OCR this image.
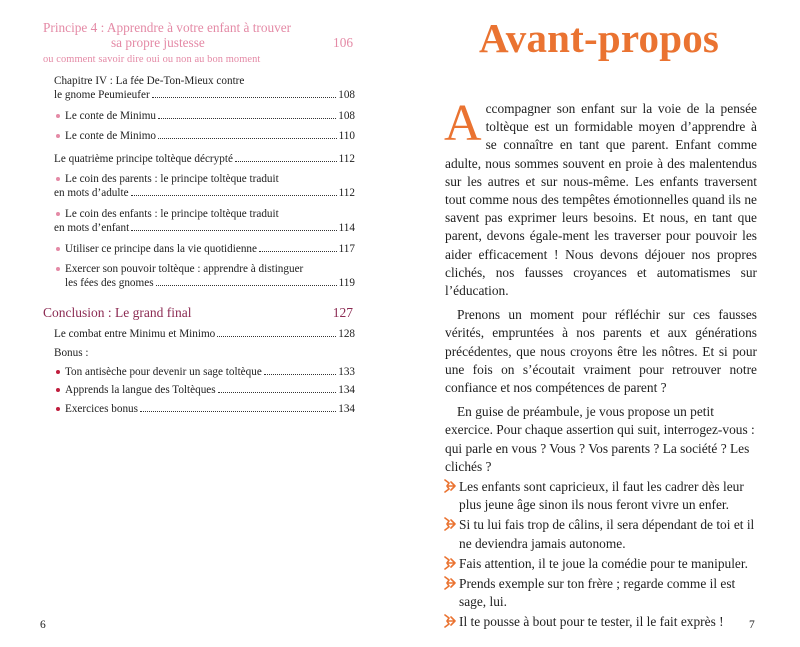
Principe 4 : Apprendre à votre enfant à trouver
sa propre justesse	106
ou comment savoir dire oui ou non au bon moment
Chapitre IV : La fée De-Ton-Mieux contre
le gnome Peumieufer	108
Le conte de Minimu	108
Le conte de Minimo	110
Le quatrième principe toltèque décrypté	112
Le coin des parents : le principe toltèque traduit
en mots d’adulte	112
Le coin des enfants : le principe toltèque traduit
en mots d’enfant	114
Utiliser ce principe dans la vie quotidienne	117
Exercer son pouvoir toltèque : apprendre à distinguer
les fées des gnomes	119
Conclusion : Le grand final	127
Le combat entre Minimu et Minimo	128
Bonus :
Ton antisèche pour devenir un sage toltèque	133
Apprends la langue des Toltèques	134
Exercices bonus	134
6
Avant-propos

Accompagner son enfant sur la voie de la pensée toltèque est un formidable moyen d’apprendre à se connaître en tant que parent. Enfant comme adulte, nous sommes souvent en proie à des malentendus sur les autres et sur nous-même. Les enfants traversent tout comme nous des tempêtes émotionnelles quand ils ne savent pas exprimer leurs besoins. Et nous, en tant que parent, devons égale-ment les traverser pour pouvoir les aider efficacement ! Nous devons déjouer nos propres clichés, nos fausses croyances et automatismes sur l’éducation.

Prenons un moment pour réfléchir sur ces fausses vérités, empruntées à nos parents et aux générations précédentes, que nous croyons être les nôtres. Et si pour une fois on s’écoutait vraiment pour retrouver notre confiance et nos compétences de parent ?

En guise de préambule, je vous propose un petit exercice. Pour chaque assertion qui suit, interrogez-vous : qui parle en vous ? Vous ? Vos parents ? La société ? Les clichés ?

Les enfants sont capricieux, il faut les cadrer dès leur plus jeune âge sinon ils nous feront vivre un enfer.
Si tu lui fais trop de câlins, il sera dépendant de toi et il ne deviendra jamais autonome.
Fais attention, il te joue la comédie pour te manipuler.
Prends exemple sur ton frère ; regarde comme il est sage, lui.
Il te pousse à bout pour te tester, il le fait exprès !	7
